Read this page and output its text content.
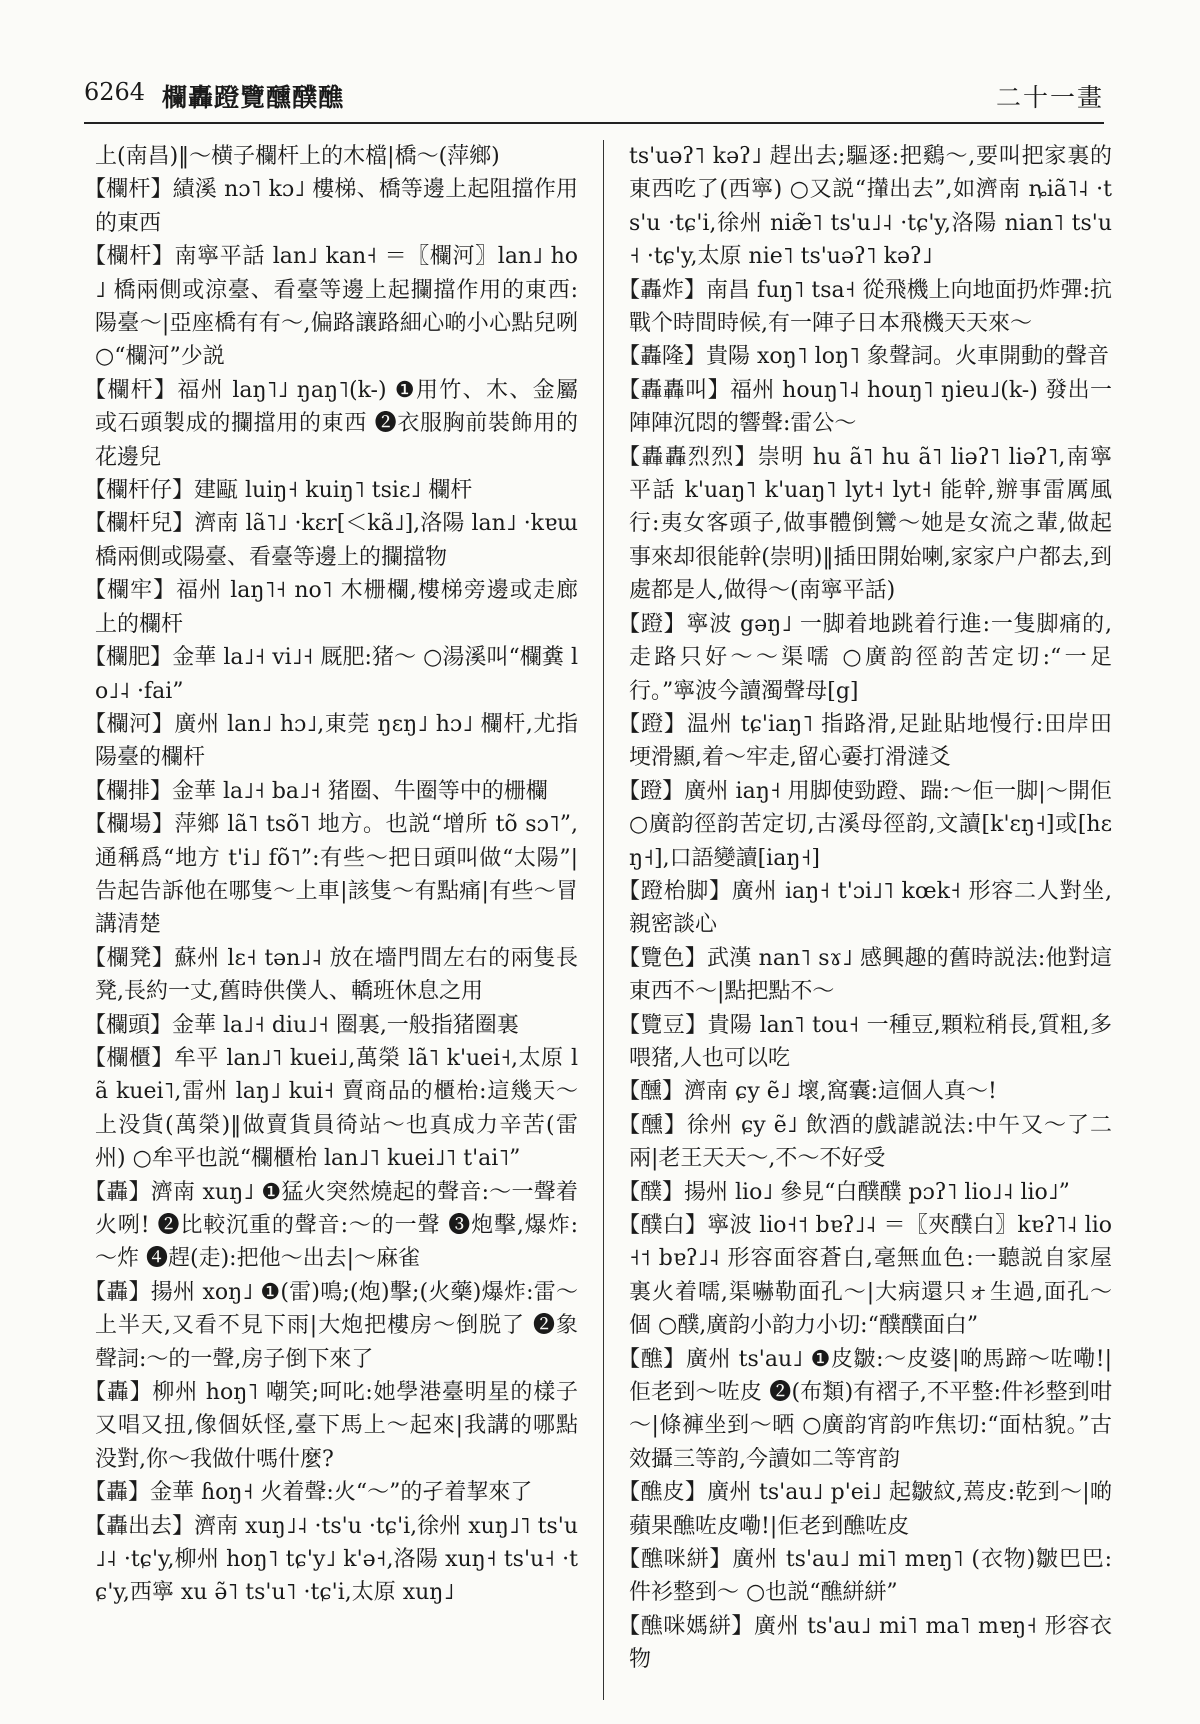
6264 欄轟蹬覽醺醭醮	二十一畫

上(南昌)‖～横子欄杆上的木檔|橋～(萍鄉)

【欄杆】績溪 nɔ˥ kɔ˩ 樓梯、橋等邊上起阻擋作用的東西

【欄杆】南寧平話 lan˩ kan˧ ＝〖欄河〗lan˩ ho˩ 橋兩側或涼臺、看臺等邊上起攔擋作用的東西:陽臺～|亞座橋有有～,偏路讓路細心啲小心點兒咧 ○“欄河”少説

【欄杆】福州 laŋ˥˩ ŋaŋ˥(k-) ❶用竹、木、金屬或石頭製成的攔擋用的東西 ❷衣服胸前裝飾用的花邊兒

【欄杆仔】建甌 luiŋ˧ kuiŋ˥ tsiɛ˩ 欄杆

【欄杆兒】濟南 lã˥˩ ·kɛr[＜kã˩],洛陽 lan˩ ·kɐɯ 橋兩側或陽臺、看臺等邊上的攔擋物

【欄牢】福州 laŋ˥˧ no˥ 木栅欄,樓梯旁邊或走廊上的欄杆

【欄肥】金華 la˩˧ vi˩˧ 厩肥:猪～ ○湯溪叫“欄糞 lo˩˨ ·fai”

【欄河】廣州 lan˩ hɔ˩,東莞 ŋɛŋ˩ hɔ˩ 欄杆,尤指陽臺的欄杆

【欄排】金華 la˩˧ ba˩˧ 猪圈、牛圈等中的栅欄

【欄場】萍鄉 lã˥ tsõ˥ 地方。也説“增所 tõ sɔ˥”,通稱爲“地方 t'i˩ fõ˥”:有些～把日頭叫做“太陽”|告起告訴他在哪隻～上車|該隻～有點痛|有些～冒講清楚

【欄凳】蘇州 lɛ˧ tən˩˨ 放在墻門間左右的兩隻長凳,長約一丈,舊時供僕人、轎班休息之用

【欄頭】金華 la˩˧ diu˩˧ 圈裏,一般指猪圈裏

【欄櫃】牟平 lan˩˥ kuei˩,萬榮 lã˥ k'uei˧,太原 lã kuei˥,雷州 laŋ˩ kui˧ 賣商品的櫃枱:這幾天～上没貨(萬榮)‖做賣貨員徛站～也真成力辛苦(雷州) ○牟平也説“欄櫃枱 lan˩˥ kuei˩˥ t'ai˥”

【轟】濟南 xuŋ˩ ❶猛火突然燒起的聲音:～一聲着火咧! ❷比較沉重的聲音:～的一聲 ❸炮擊,爆炸:～炸 ❹趕(走):把他～出去|～麻雀

【轟】揚州 xoŋ˩ ❶(雷)鳴;(炮)擊;(火藥)爆炸:雷～上半天,又看不見下雨|大炮把樓房～倒脱了 ❷象聲詞:～的一聲,房子倒下來了

【轟】柳州 hoŋ˥ 嘲笑;呵叱:她學港臺明星的樣子又唱又扭,像個妖怪,臺下馬上～起來|我講的哪點没對,你～我做什嗎什麼?

【轟】金華 ɦoŋ˧ 火着聲:火“～”的孑着挈來了

【轟出去】濟南 xuŋ˩˨ ·ts'u ·tɕ'i,徐州 xuŋ˩˥ ts'u˩˨ ·tɕ'y,柳州 hoŋ˥ tɕ'y˩ k'ə˧,洛陽 xuŋ˧ ts'u˧ ·tɕ'y,西寧 xu ə̃˥ ts'u˥ ·tɕ'i,太原 xuŋ˩

ts'uəʔ˥ kəʔ˩ 趕出去;驅逐:把鷄～,要叫把家裏的東西吃了(西寧) ○又説“攆出去”,如濟南 ȵiã˥˨ ·ts'u ·tɕ'i,徐州 niæ̃˥ ts'u˩˨ ·tɕ'y,洛陽 nian˥ ts'u˧ ·tɕ'y,太原 nie˥ ts'uəʔ˥ kəʔ˩

【轟炸】南昌 fuŋ˥ tsa˧ 從飛機上向地面扔炸彈:抗戰个時間時候,有一陣子日本飛機天天來～

【轟隆】貴陽 xoŋ˥ loŋ˥ 象聲詞。火車開動的聲音

【轟轟叫】福州 houŋ˥˨ houŋ˥ ŋieu˩(k-) 發出一陣陣沉悶的響聲:雷公～

【轟轟烈烈】崇明 hu ã˥ hu ã˥ liəʔ˥ liəʔ˥,南寧平話 k'uaŋ˥ k'uaŋ˥ lyt˧ lyt˧ 能幹,辦事雷厲風行:夷女客頭子,做事體倒鸞～她是女流之輩,做起事來却很能幹(崇明)‖插田開始喇,家家户户都去,到處都是人,做得～(南寧平話)

【蹬】寧波 gəŋ˩ 一脚着地跳着行進:一隻脚痛的,走路只好～～渠嚅 ○廣韵徑韵苦定切:“一足行。”寧波今讀濁聲母[g]

【蹬】温州 tɕ'iaŋ˥ 指路滑,足趾貼地慢行:田岸田埂滑顯,着～牢走,留心嫑打滑澾爻

【蹬】廣州 iaŋ˧ 用脚使勁蹬、踹:～佢一脚|～開佢 ○廣韵徑韵苦定切,古溪母徑韵,文讀[k'ɛŋ˧]或[hɛŋ˧],口語變讀[iaŋ˧]

【蹬枱脚】廣州 iaŋ˧ t'ɔi˩˥ kœk˧ 形容二人對坐,親密談心

【覽色】武漢 nan˥ sɤ˩ 感興趣的舊時説法:他對這東西不～|點把點不～

【覽豆】貴陽 lan˥ tou˧ 一種豆,顆粒稍長,質粗,多喂猪,人也可以吃

【醺】濟南 ɕy ẽ˩ 壞,窩囊:這個人真～!

【醺】徐州 ɕy ẽ˩ 飲酒的戲謔説法:中午又～了二兩|老王天天～,不～不好受

【醭】揚州 lio˩ 參見“白醭醭 pɔʔ˥ lio˩˨ lio˩”

【醭白】寧波 lio˧˦ bɐʔ˩˨ ＝〖夾醭白〗kɐʔ˥˨ lio˧˦ bɐʔ˩˨ 形容面容蒼白,毫無血色:一聽説自家屋裏火着嚅,渠嚇勒面孔～|大病還只ォ生過,面孔～個 ○醭,廣韵小韵力小切:“醭醭面白”

【醮】廣州 ts'au˩ ❶皮皺:～皮婆|啲馬蹄～咗嘞!|佢老到～咗皮 ❷(布類)有褶子,不平整:件衫整到咁～|條褲坐到～晒 ○廣韵宵韵咋焦切:“面枯貌。”古效攝三等韵,今讀如二等宵韵

【醮皮】廣州 ts'au˩ p'ei˩ 起皺紋,蔫皮:乾到～|啲蘋果醮咗皮嘞!|佢老到醮咗皮

【醮咪絣】廣州 ts'au˩ mi˥ mɐŋ˥ (衣物)皺巴巴:件衫整到～ ○也説“醮絣絣”

【醮咪媽絣】廣州 ts'au˩ mi˥ ma˥ mɐŋ˧ 形容衣物
